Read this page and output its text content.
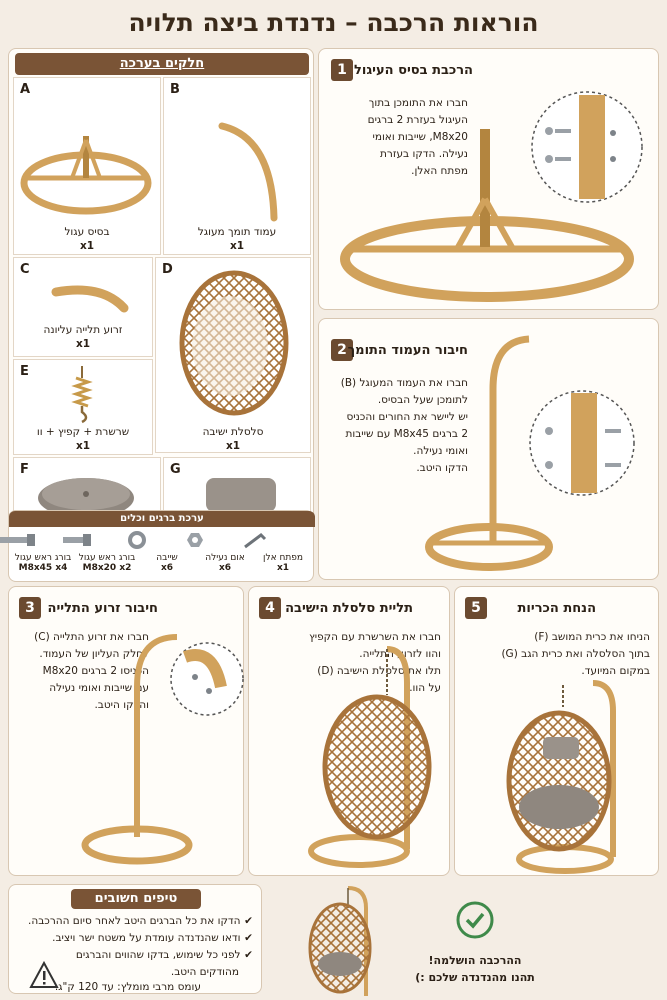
הוראות הרכבה – נדנדת ביצה תלויה
חלקים בערכה
A
בסיס עגול
x1
B
עמוד תומך מעוגל
x1
C
זרוע תלייה עליונה
x1
D
סלסלת ישיבה
x1
E
שרשרת + קפיץ + וו
x1
F	G
ערכת ברגים וכלים
בורג ראש עגול
M8x45 x4
בורג ראש עגול
M8x20 x2
שייבה
x6
אום נעילה
x6
מפתח אלן
x1
1 הרכבת בסיס העיגול
חברו את התומכן בתוך
העיגול בעזרת 2 ברגים
M8x20, שייבות ואומי
נעילה. הדקו בעזרת
מפתח האלן.
2 חיבור העמוד התומך
חברו את העמוד המעוגל (B)
לתומכן שעל הבסיס.
יש ליישר את החורים והכניס
2 ברגים M8x45 עם שייבות
ואומי נעילה.
הדקו היטב.
3 חיבור זרוע התלייה
חברו את זרוע התלייה (C)
לחלק העליון של העמוד.
הכניסו 2 ברגים M8x20
עם שייבות ואומי נעילה
והדקו היטב.
4 תליית סלסלת הישיבה
חברו את השרשרת עם הקפיץ
והוו לזרוע התלייה.
תלו את סלסלת הישיבה (D)
על הוו.
5	הנחת הכריות
הניחו את כרית המושב (F)
בתוך הסלסלה ואת כרית הגב (G)
במקום המיועד.
טיפים חשובים
✔ הדקו את כל הברגים היטב לאחר סיום ההרכבה.
✔ ודאו שהנדנדה עומדת על משטח ישר ויציב.
✔ לפני כל שימוש, בדקו שהווים והברגים
מהודקים היטב.
עומס מרבי מומלץ: עד 120 ק"ג.
ההרכבה הושלמה!
תהנו מהנדנדה שלכם :)
